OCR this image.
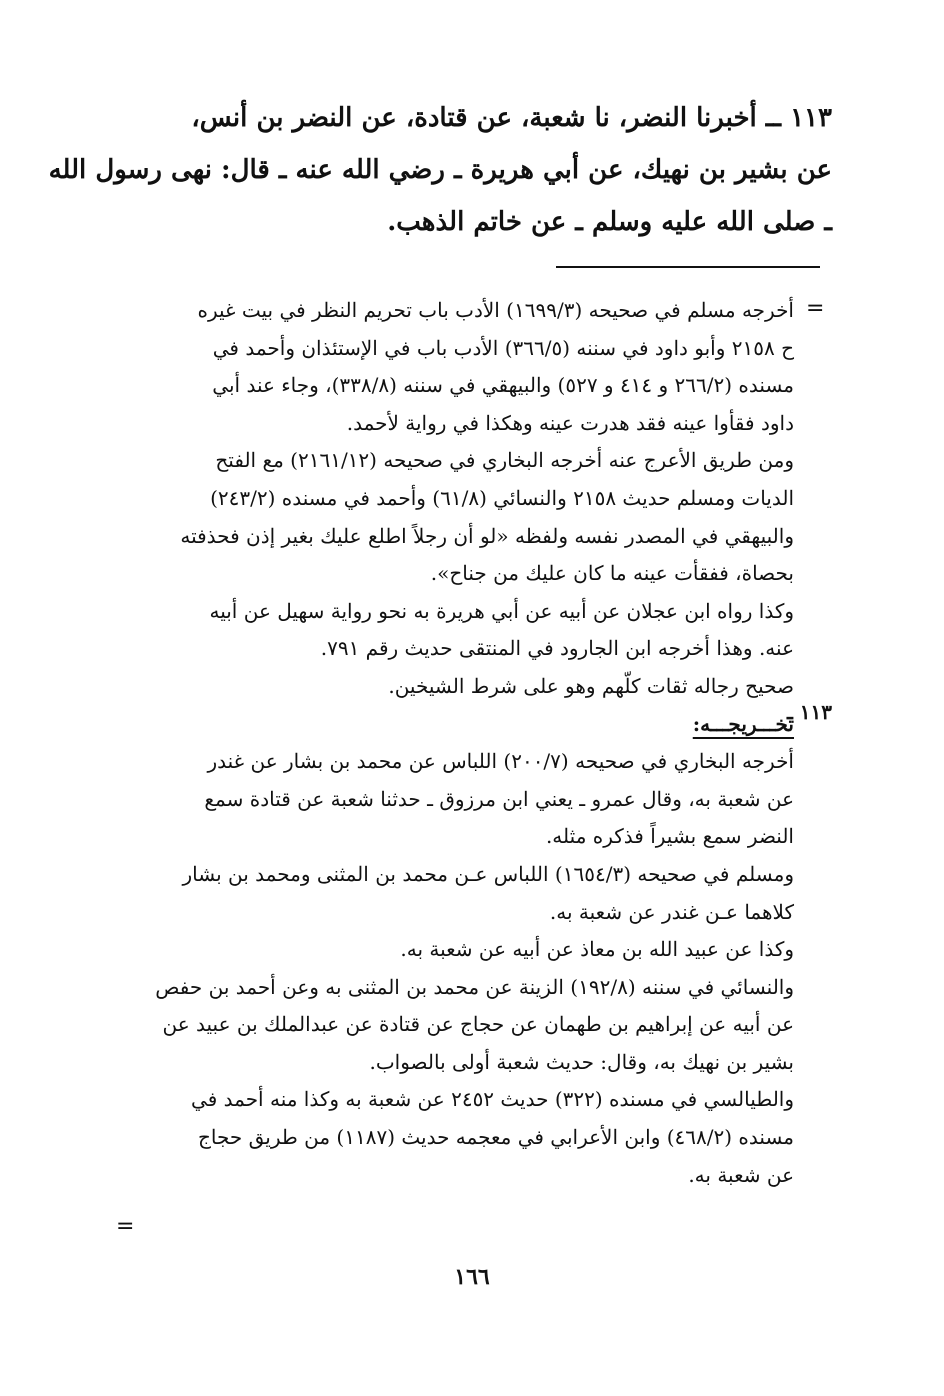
١١٣ ــ أخبرنا النضر، نا شعبة، عن قتادة، عن النضر بن أنس،
عن بشير بن نهيك، عن أبي هريرة ـ رضي الله عنه ـ قال: نهى رسول الله
ـ صلى الله عليه وسلم ـ عن خاتم الذهب.
=
١١٣ ـ
أخرجه مسلم في صحيحه (١٦٩٩/٣) الأدب باب تحريم النظر في بيت غيره
ح ٢١٥٨ وأبو داود في سننه (٣٦٦/٥) الأدب باب في الإستئذان وأحمد في
مسنده (٢٦٦/٢ و ٤١٤ و ٥٢٧) والبيهقي في سننه (٣٣٨/٨)، وجاء عند أبي
داود فقأوا عينه فقد هدرت عينه وهكذا في رواية لأحمد.
ومن طريق الأعرج عنه أخرجه البخاري في صحيحه (٢١٦١/١٢) مع الفتح
الديات ومسلم حديث ٢١٥٨ والنسائي (٦١/٨) وأحمد في مسنده (٢٤٣/٢)
والبيهقي في المصدر نفسه ولفظه «لو أن رجلاً اطلع عليك بغير إذن فحذفته
بحصاة، ففقأت عينه ما كان عليك من جناح».
وكذا رواه ابن عجلان عن أبيه عن أبي هريرة به نحو رواية سهيل عن أبيه
عنه. وهذا أخرجه ابن الجارود في المنتقى حديث رقم ٧٩١.
صحيح رجاله ثقات كلّهم وهو على شرط الشيخين.
تخـــريجـــه:
أخرجه البخاري في صحيحه (٢٠٠/٧) اللباس عن محمد بن بشار عن غندر
عن شعبة به، وقال عمرو ـ يعني ابن مرزوق ـ حدثنا شعبة عن قتادة سمع
النضر سمع بشيراً فذكره مثله.
ومسلم في صحيحه (١٦٥٤/٣) اللباس عـن محمد بن المثنى ومحمد بن بشار
كلاهما عـن غندر عن شعبة به.
وكذا عن عبيد الله بن معاذ عن أبيه عن شعبة به.
والنسائي في سننه (١٩٢/٨) الزينة عن محمد بن المثنى به وعن أحمد بن حفص
عن أبيه عن إبراهيم بن طهمان عن حجاج عن قتادة عن عبدالملك بن عبيد عن
بشير بن نهيك به، وقال: حديث شعبة أولى بالصواب.
والطيالسي في مسنده (٣٢٢) حديث ٢٤٥٢ عن شعبة به وكذا منه أحمد في
مسنده (٤٦٨/٢) وابن الأعرابي في معجمه حديث (١١٨٧) من طريق حجاج
عن شعبة به.
=
١٦٦
